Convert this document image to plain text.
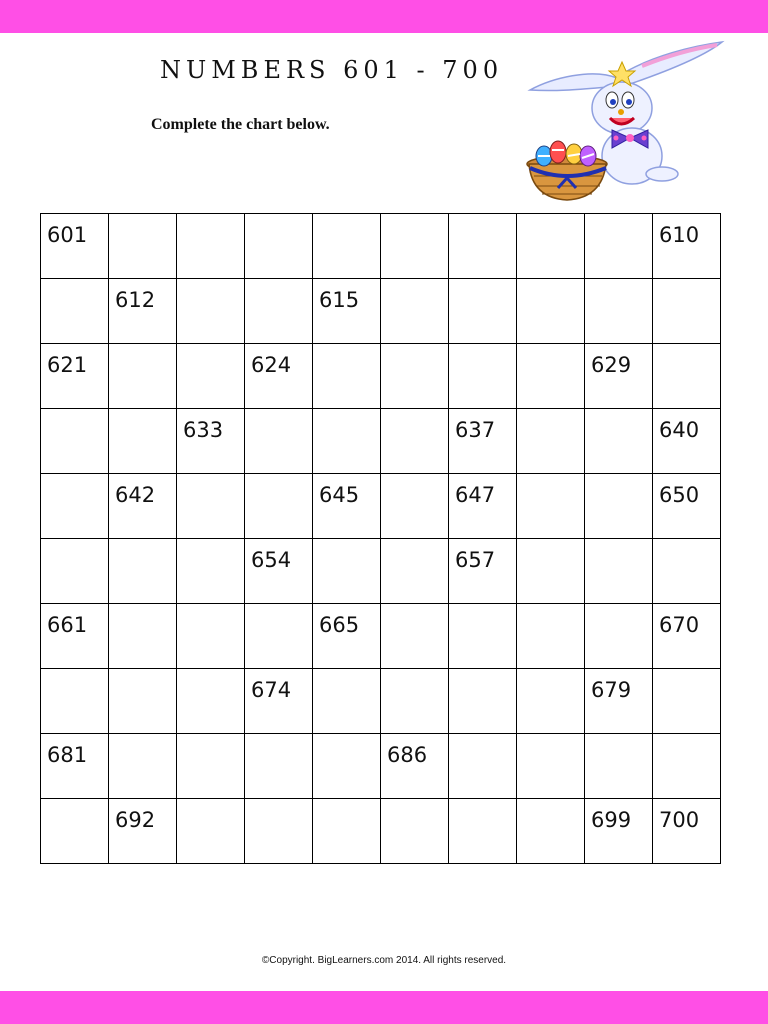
NUMBERS 601 - 700
Complete the chart below.
601									610
	612			615					
621			624					629	
		633				637			640
	642			645		647			650
			654			657			
661				665					670
			674					679	
681					686				
	692							699	700
©Copyright. BigLearners.com 2014. All rights reserved.
